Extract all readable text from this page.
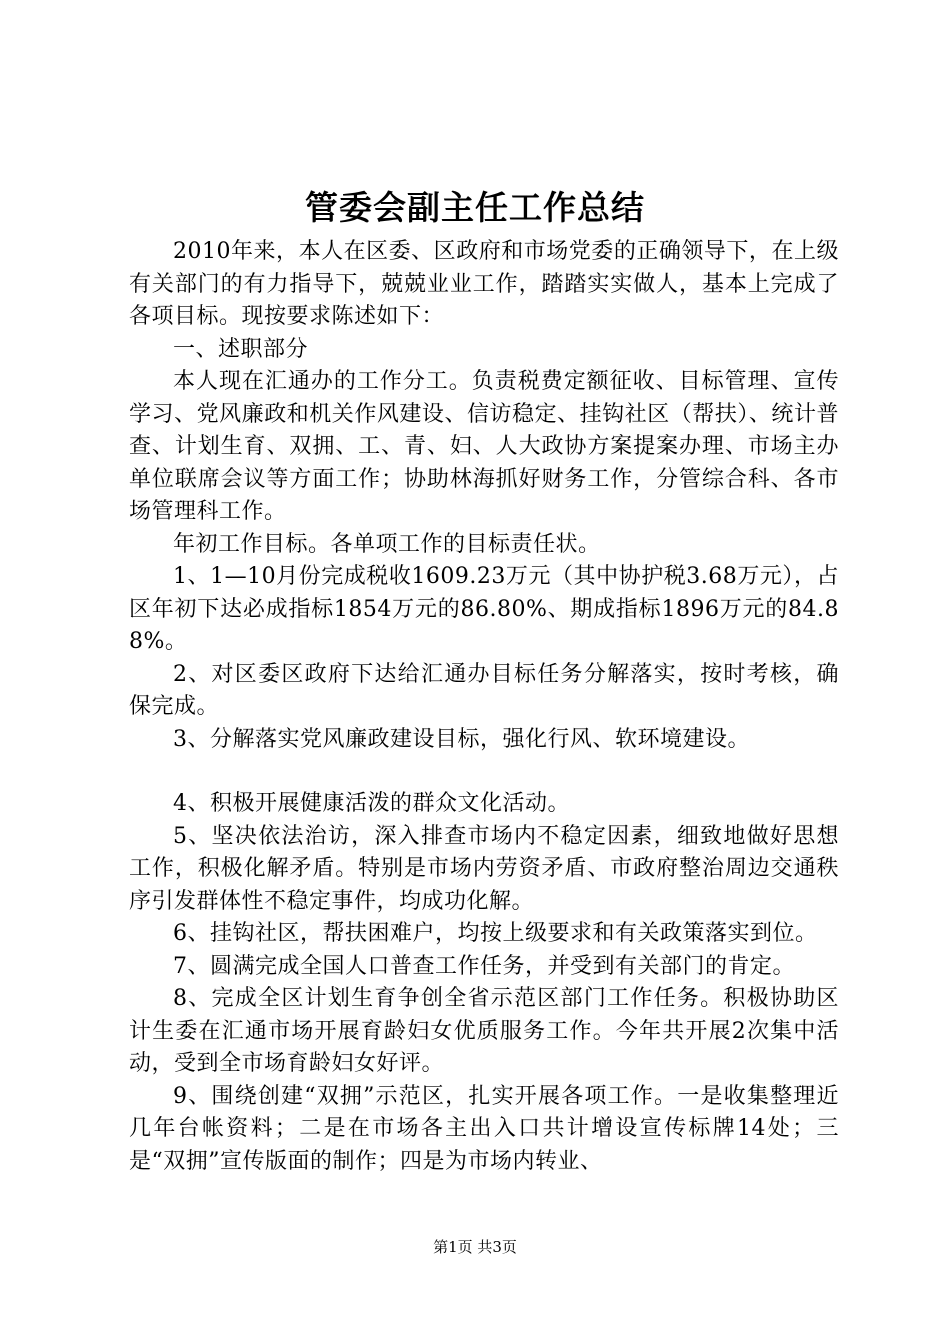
管委会副主任工作总结

2010年来，本人在区委、区政府和市场党委的正确领导下，在上级有关部门的有力指导下，兢兢业业工作，踏踏实实做人，基本上完成了各项目标。现按要求陈述如下：

一、述职部分

本人现在汇通办的工作分工。负责税费定额征收、目标管理、宣传学习、党风廉政和机关作风建设、信访稳定、挂钩社区（帮扶）、统计普查、计划生育、双拥、工、青、妇、人大政协方案提案办理、市场主办单位联席会议等方面工作；协助林海抓好财务工作，分管综合科、各市场管理科工作。

年初工作目标。各单项工作的目标责任状。

1、1—10月份完成税收1609.23万元（其中协护税3.68万元），占区年初下达必成指标1854万元的86.80%、期成指标1896万元的84.88%。

2、对区委区政府下达给汇通办目标任务分解落实，按时考核，确保完成。

3、分解落实党风廉政建设目标，强化行风、软环境建设。

4、积极开展健康活泼的群众文化活动。

5、坚决依法治访，深入排查市场内不稳定因素，细致地做好思想工作，积极化解矛盾。特别是市场内劳资矛盾、市政府整治周边交通秩序引发群体性不稳定事件，均成功化解。

6、挂钩社区，帮扶困难户，均按上级要求和有关政策落实到位。

7、圆满完成全国人口普查工作任务，并受到有关部门的肯定。

8、完成全区计划生育争创全省示范区部门工作任务。积极协助区计生委在汇通市场开展育龄妇女优质服务工作。今年共开展2次集中活动，受到全市场育龄妇女好评。

9、围绕创建“双拥”示范区，扎实开展各项工作。一是收集整理近几年台帐资料；二是在市场各主出入口共计增设宣传标牌14处；三是“双拥”宣传版面的制作；四是为市场内转业、

第1页 共3页
